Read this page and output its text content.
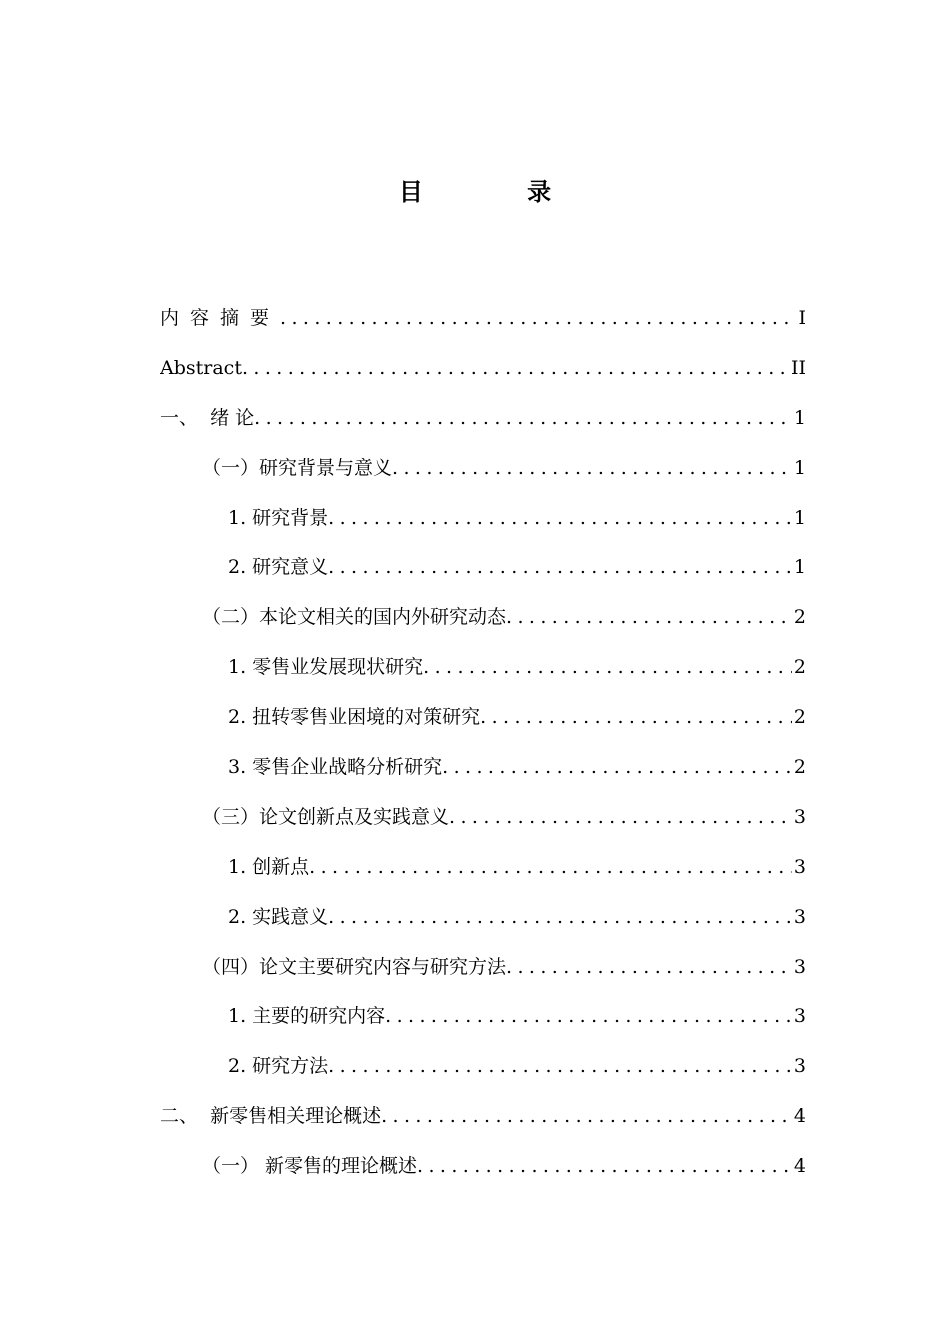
目 录
内容摘要 .....	I
Abstract .....	II
一、  绪 论 .....	1
（一）研究背景与意义 .....	1
1. 研究背景 .....	1
2. 研究意义 .....	1
（二）本论文相关的国内外研究动态 .....	2
1. 零售业发展现状研究 .....	2
2. 扭转零售业困境的对策研究 .....	2
3. 零售企业战略分析研究 .....	2
（三）论文创新点及实践意义 .....	3
1. 创新点 .....	3
2. 实践意义 .....	3
（四）论文主要研究内容与研究方法 .....	3
1. 主要的研究内容 .....	3
2. 研究方法 .....	3
二、  新零售相关理论概述 .....	4
（一） 新零售的理论概述 .....	4
